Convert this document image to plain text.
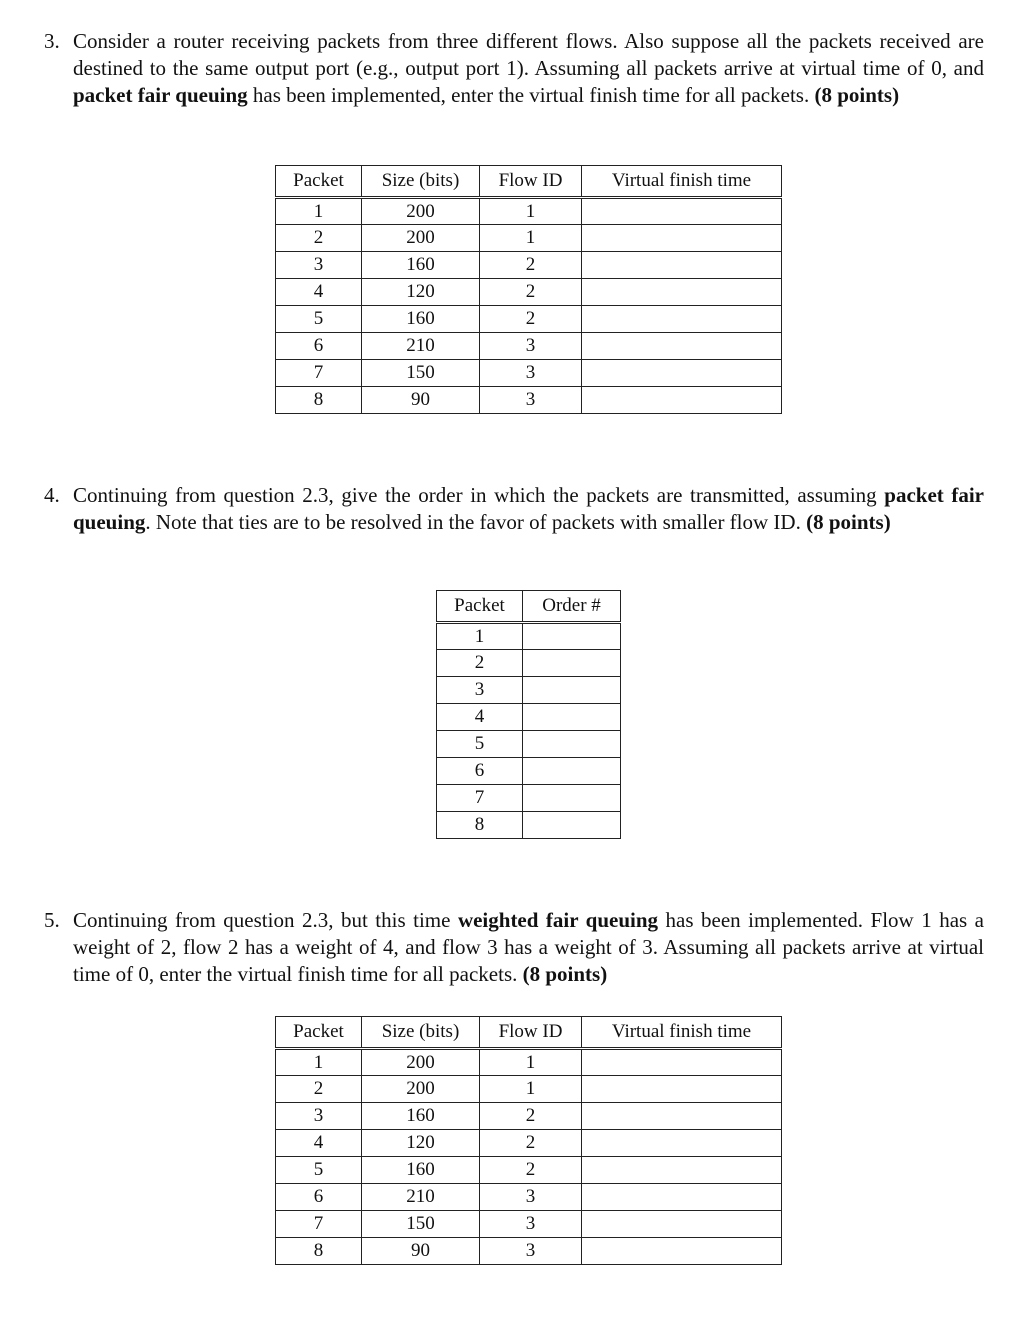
3. Consider a router receiving packets from three different flows. Also suppose all the packets received are destined to the same output port (e.g., output port 1). Assuming all packets arrive at virtual time of 0, and packet fair queuing has been implemented, enter the virtual finish time for all packets. (8 points)
Packet	Size (bits)	Flow ID	Virtual finish time
1	200	1	
2	200	1	
3	160	2	
4	120	2	
5	160	2	
6	210	3	
7	150	3	
8	90	3	
4. Continuing from question 2.3, give the order in which the packets are transmitted, assuming packet fair queuing. Note that ties are to be resolved in the favor of packets with smaller flow ID. (8 points)
Packet	Order #
1	
2	
3	
4	
5	
6	
7	
8	
5. Continuing from question 2.3, but this time weighted fair queuing has been implemented. Flow 1 has a weight of 2, flow 2 has a weight of 4, and flow 3 has a weight of 3. Assuming all packets arrive at virtual time of 0, enter the virtual finish time for all packets. (8 points)
Packet	Size (bits)	Flow ID	Virtual finish time
1	200	1	
2	200	1	
3	160	2	
4	120	2	
5	160	2	
6	210	3	
7	150	3	
8	90	3	
